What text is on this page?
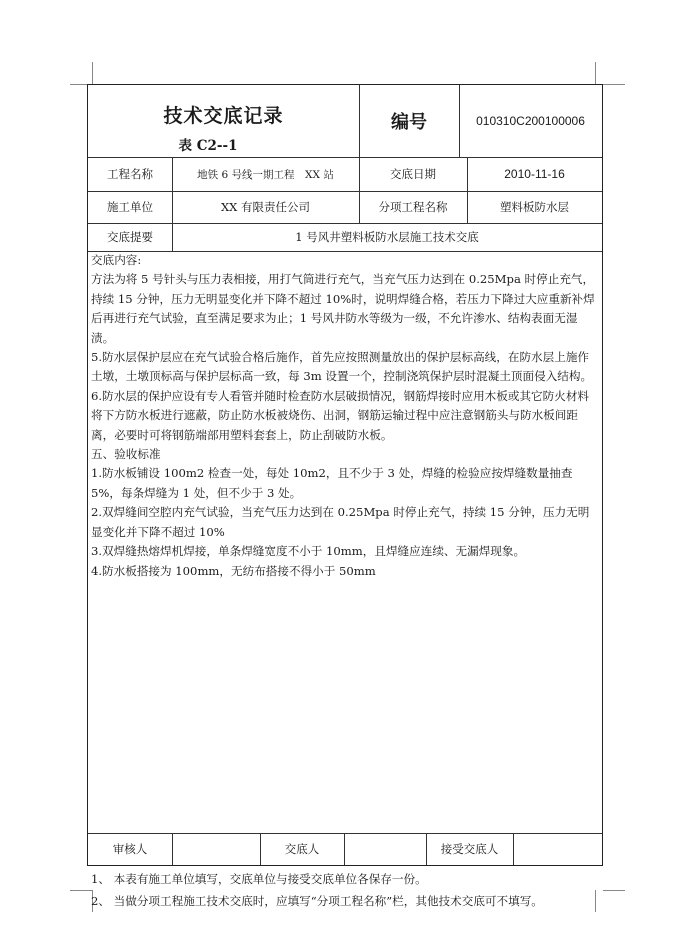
技术交底记录
表 C2--1
编号	010310C200100006
工程名称	地铁 6 号线一期工程　XX 站	交底日期	2010-11-16
施工单位	XX 有限责任公司	分项工程名称	塑料板防水层
交底提要	1 号风井塑料板防水层施工技术交底

交底内容:

方法为将 5 号针头与压力表相接，用打气筒进行充气，当充气压力达到在 0.25Mpa 时停止充气，持续 15 分钟，压力无明显变化并下降不超过 10%时，说明焊缝合格，若压力下降过大应重新补焊后再进行充气试验，直至满足要求为止；1 号风井防水等级为一级，不允许渗水、结构表面无湿渍。

5.防水层保护层应在充气试验合格后施作，首先应按照测量放出的保护层标高线，在防水层上施作土墩，土墩顶标高与保护层标高一致，每 3m 设置一个，控制浇筑保护层时混凝土顶面侵入结构。

6.防水层的保护应设有专人看管并随时检查防水层破损情况，钢筋焊接时应用木板或其它防火材料将下方防水板进行遮蔽，防止防水板被烧伤、出洞，钢筋运输过程中应注意钢筋头与防水板间距离，必要时可将钢筋端部用塑料套套上，防止刮破防水板。

五、验收标准

1.防水板铺设 100m2 检查一处，每处 10m2，且不少于 3 处，焊缝的检验应按焊缝数量抽查 5%，每条焊缝为 1 处，但不少于 3 处。

2.双焊缝间空腔内充气试验，当充气压力达到在 0.25Mpa 时停止充气，持续 15 分钟，压力无明显变化并下降不超过 10%

3.双焊缝热熔焊机焊接，单条焊缝宽度不小于 10mm，且焊缝应连续、无漏焊现象。

4.防水板搭接为 100mm，无纺布搭接不得小于 50mm

审核人	交底人	接受交底人

1、 本表有施工单位填写，交底单位与接受交底单位各保存一份。

2、 当做分项工程施工技术交底时，应填写“分项工程名称”栏，其他技术交底可不填写。
